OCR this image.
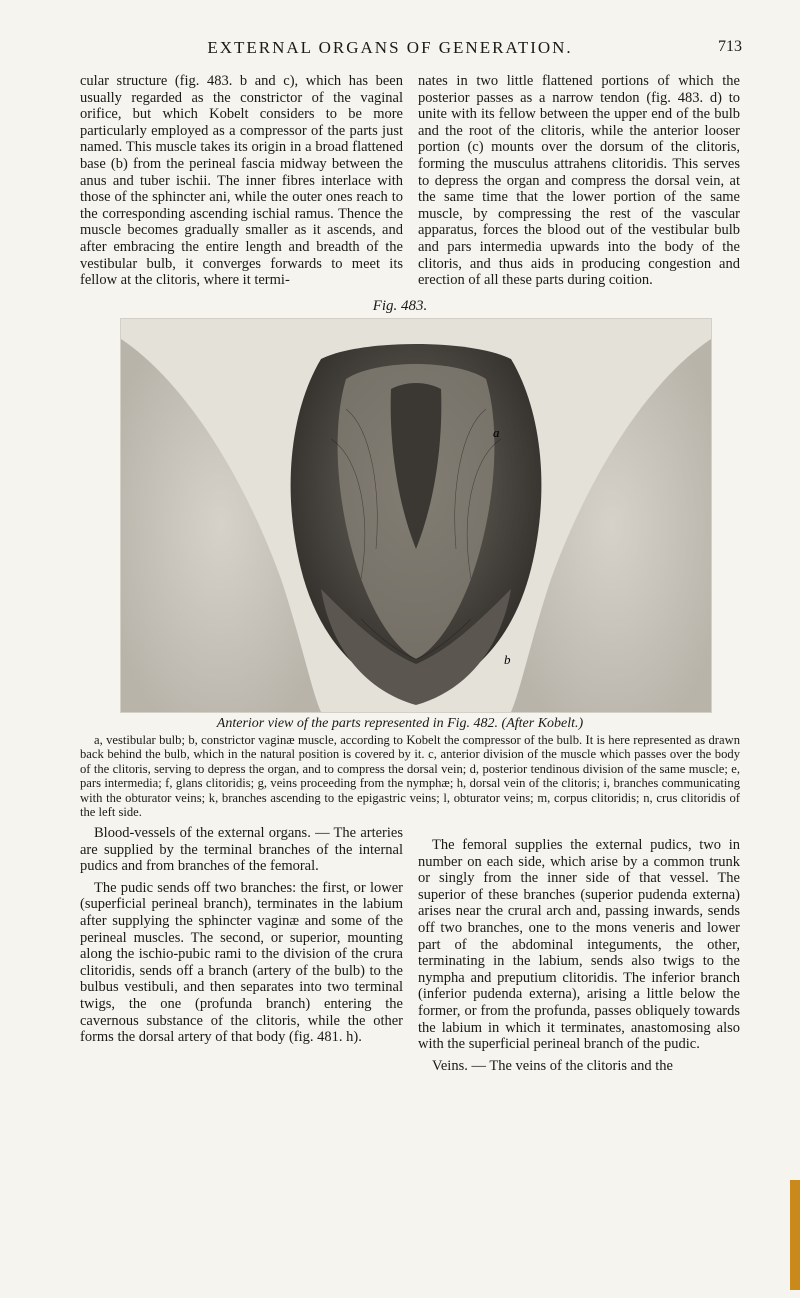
EXTERNAL ORGANS OF GENERATION.	713

cular structure (fig. 483. b and c), which has been usually regarded as the constrictor of the vaginal orifice, but which Kobelt considers to be more particularly employed as a compressor of the parts just named. This muscle takes its origin in a broad flattened base (b) from the perineal fascia midway between the anus and tuber ischii. The inner fibres interlace with those of the sphincter ani, while the outer ones reach to the corresponding ascending ischial ramus. Thence the muscle becomes gradually smaller as it ascends, and after embracing the entire length and breadth of the vestibular bulb, it converges forwards to meet its fellow at the clitoris, where it termi-

nates in two little flattened portions of which the posterior passes as a narrow tendon (fig. 483. d) to unite with its fellow between the upper end of the bulb and the root of the clitoris, while the anterior looser portion (c) mounts over the dorsum of the clitoris, forming the musculus attrahens clitoridis. This serves to depress the organ and compress the dorsal vein, at the same time that the lower portion of the same muscle, by compressing the rest of the vascular apparatus, forces the blood out of the vestibular bulb and pars intermedia upwards into the body of the clitoris, and thus aids in producing congestion and erection of all these parts during coition.

Fig. 483.
a
b
Anterior view of the parts represented in Fig. 482. (After Kobelt.)

a, vestibular bulb; b, constrictor vaginæ muscle, according to Kobelt the compressor of the bulb. It is here represented as drawn back behind the bulb, which in the natural position is covered by it. c, anterior division of the muscle which passes over the body of the clitoris, serving to depress the organ, and to compress the dorsal vein; d, posterior tendinous division of the same muscle; e, pars intermedia; f, glans clitoridis; g, veins proceeding from the nymphæ; h, dorsal vein of the clitoris; i, branches communicating with the obturator veins; k, branches ascending to the epigastric veins; l, obturator veins; m, corpus clitoridis; n, crus clitoridis of the left side.

Blood-vessels of the external organs. — The arteries are supplied by the terminal branches of the internal pudics and from branches of the femoral.

The pudic sends off two branches: the first, or lower (superficial perineal branch), terminates in the labium after supplying the sphincter vaginæ and some of the perineal muscles. The second, or superior, mounting along the ischio-pubic rami to the division of the crura clitoridis, sends off a branch (artery of the bulb) to the bulbus vestibuli, and then separates into two terminal twigs, the one (profunda branch) entering the cavernous substance of the clitoris, while the other forms the dorsal artery of that body (fig. 481. h).

The femoral supplies the external pudics, two in number on each side, which arise by a common trunk or singly from the inner side of that vessel. The superior of these branches (superior pudenda externa) arises near the crural arch and, passing inwards, sends off two branches, one to the mons veneris and lower part of the abdominal integuments, the other, terminating in the labium, sends also twigs to the nympha and preputium clitoridis. The inferior branch (inferior pudenda externa), arising a little below the former, or from the profunda, passes obliquely towards the labium in which it terminates, anastomosing also with the superficial perineal branch of the pudic.

Veins. — The veins of the clitoris and the
